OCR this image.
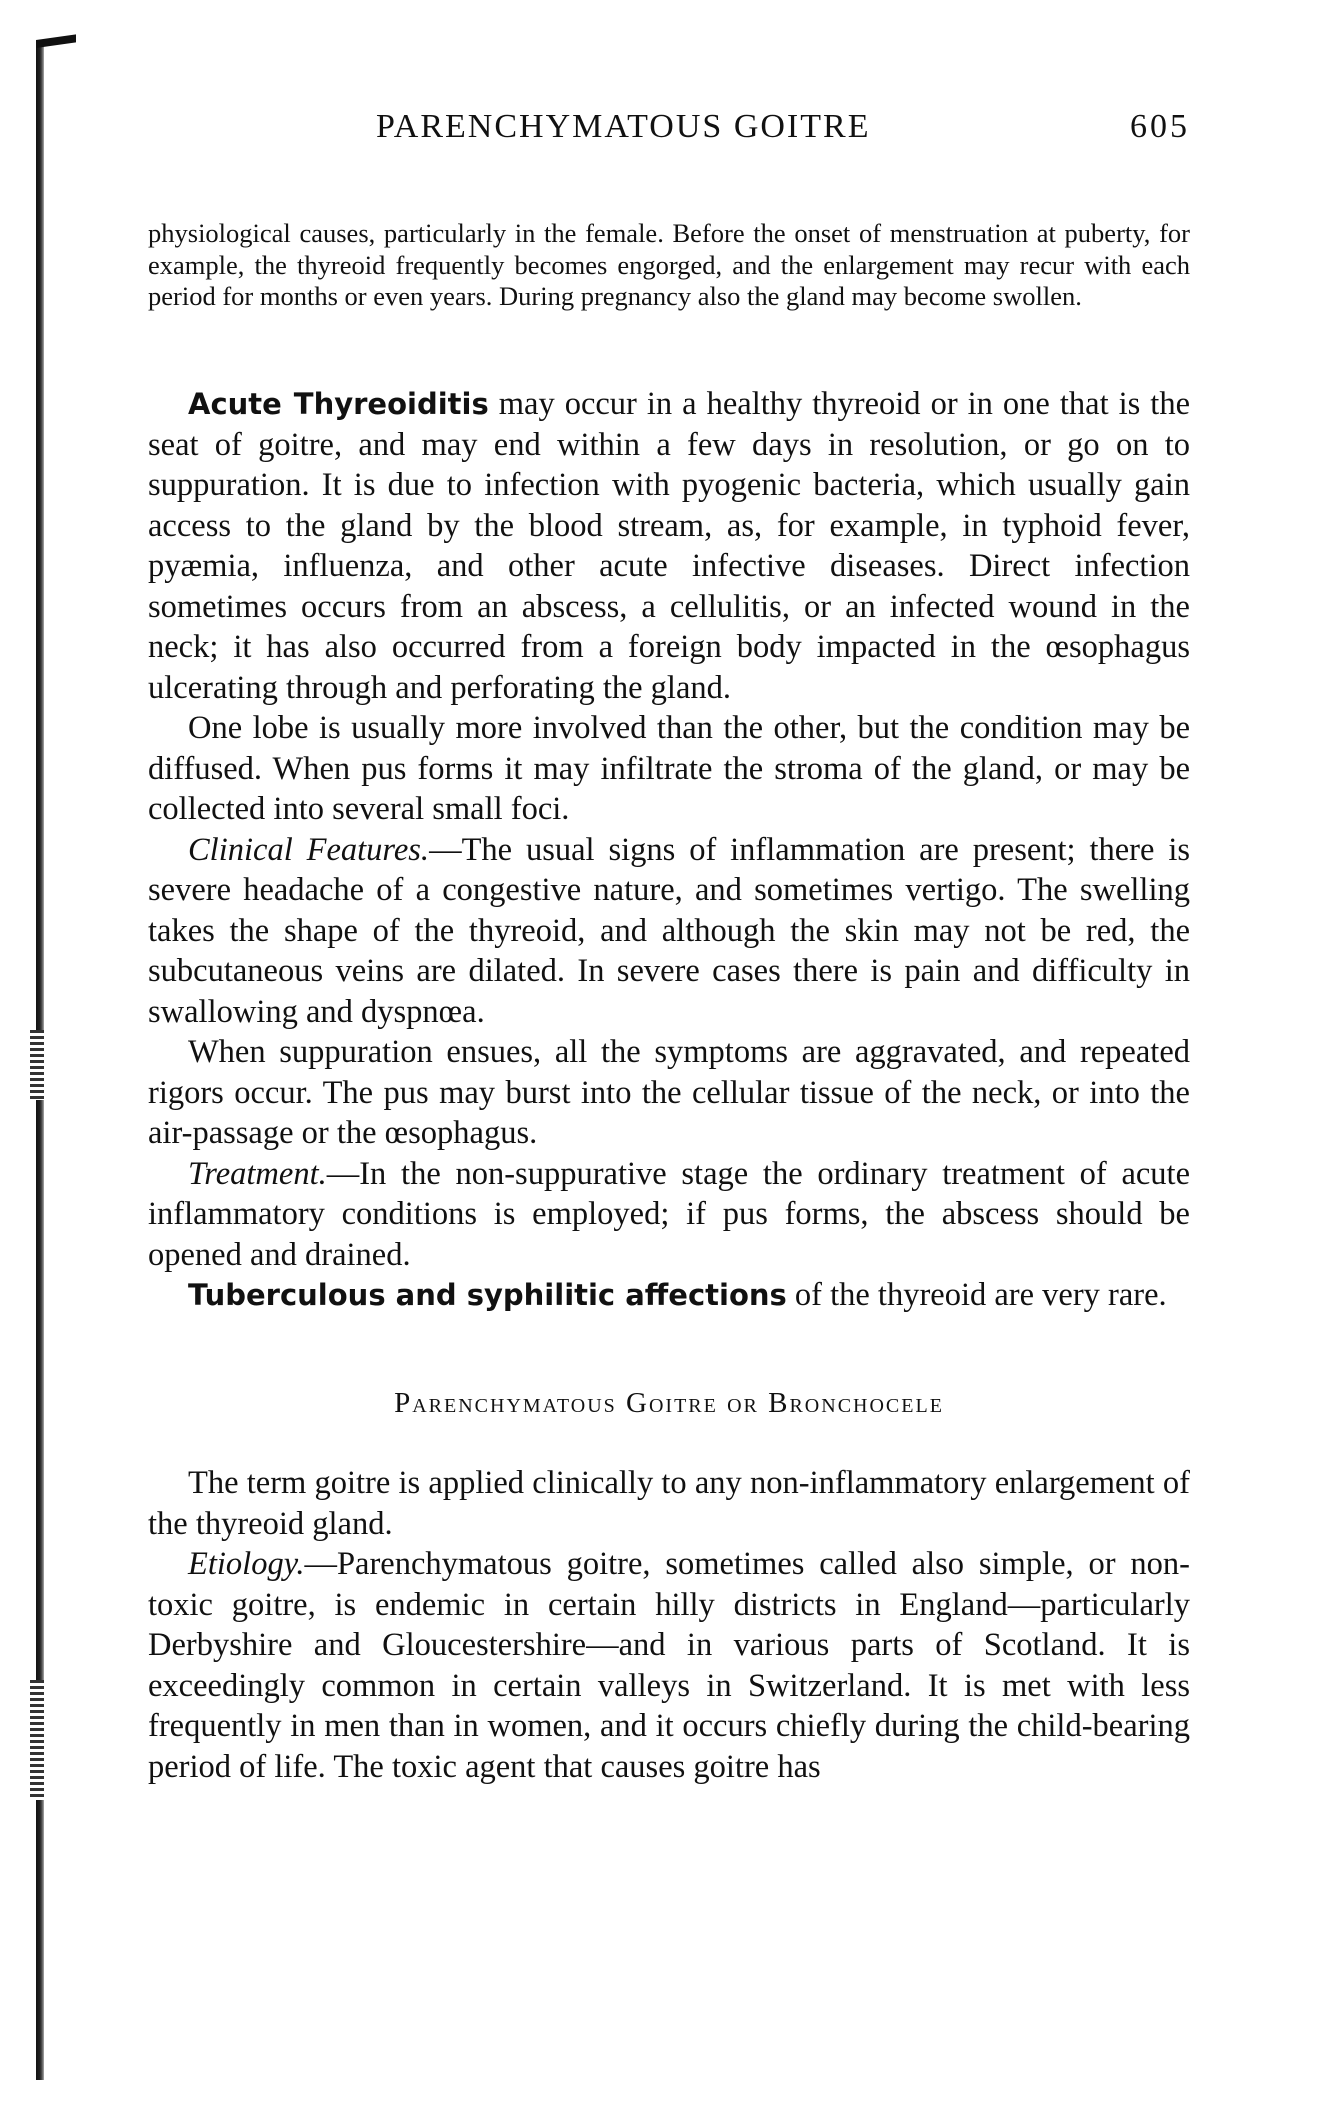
PARENCHYMATOUS GOITRE	605
physiological causes, particularly in the female. Before the onset of menstruation at puberty, for example, the thyreoid frequently becomes engorged, and the enlargement may recur with each period for months or even years. During pregnancy also the gland may become swollen.

Acute Thyreoiditis may occur in a healthy thyreoid or in one that is the seat of goitre, and may end within a few days in resolution, or go on to suppuration. It is due to infection with pyogenic bacteria, which usually gain access to the gland by the blood stream, as, for example, in typhoid fever, pyæmia, influenza, and other acute infective diseases. Direct infection sometimes occurs from an abscess, a cellulitis, or an infected wound in the neck; it has also occurred from a foreign body impacted in the œsophagus ulcerating through and perforating the gland.

One lobe is usually more involved than the other, but the condition may be diffused. When pus forms it may infiltrate the stroma of the gland, or may be collected into several small foci.

Clinical Features.—The usual signs of inflammation are present; there is severe headache of a congestive nature, and sometimes vertigo. The swelling takes the shape of the thyreoid, and although the skin may not be red, the subcutaneous veins are dilated. In severe cases there is pain and difficulty in swallowing and dyspnœa.

When suppuration ensues, all the symptoms are aggravated, and repeated rigors occur. The pus may burst into the cellular tissue of the neck, or into the air-passage or the œsophagus.

Treatment.—In the non-suppurative stage the ordinary treatment of acute inflammatory conditions is employed; if pus forms, the abscess should be opened and drained.

Tuberculous and syphilitic affections of the thyreoid are very rare.

Parenchymatous Goitre or Bronchocele

The term goitre is applied clinically to any non-inflammatory enlargement of the thyreoid gland.

Etiology.—Parenchymatous goitre, sometimes called also simple, or non-toxic goitre, is endemic in certain hilly districts in England—particularly Derbyshire and Gloucestershire—and in various parts of Scotland. It is exceedingly common in certain valleys in Switzerland. It is met with less frequently in men than in women, and it occurs chiefly during the child-bearing period of life. The toxic agent that causes goitre has
